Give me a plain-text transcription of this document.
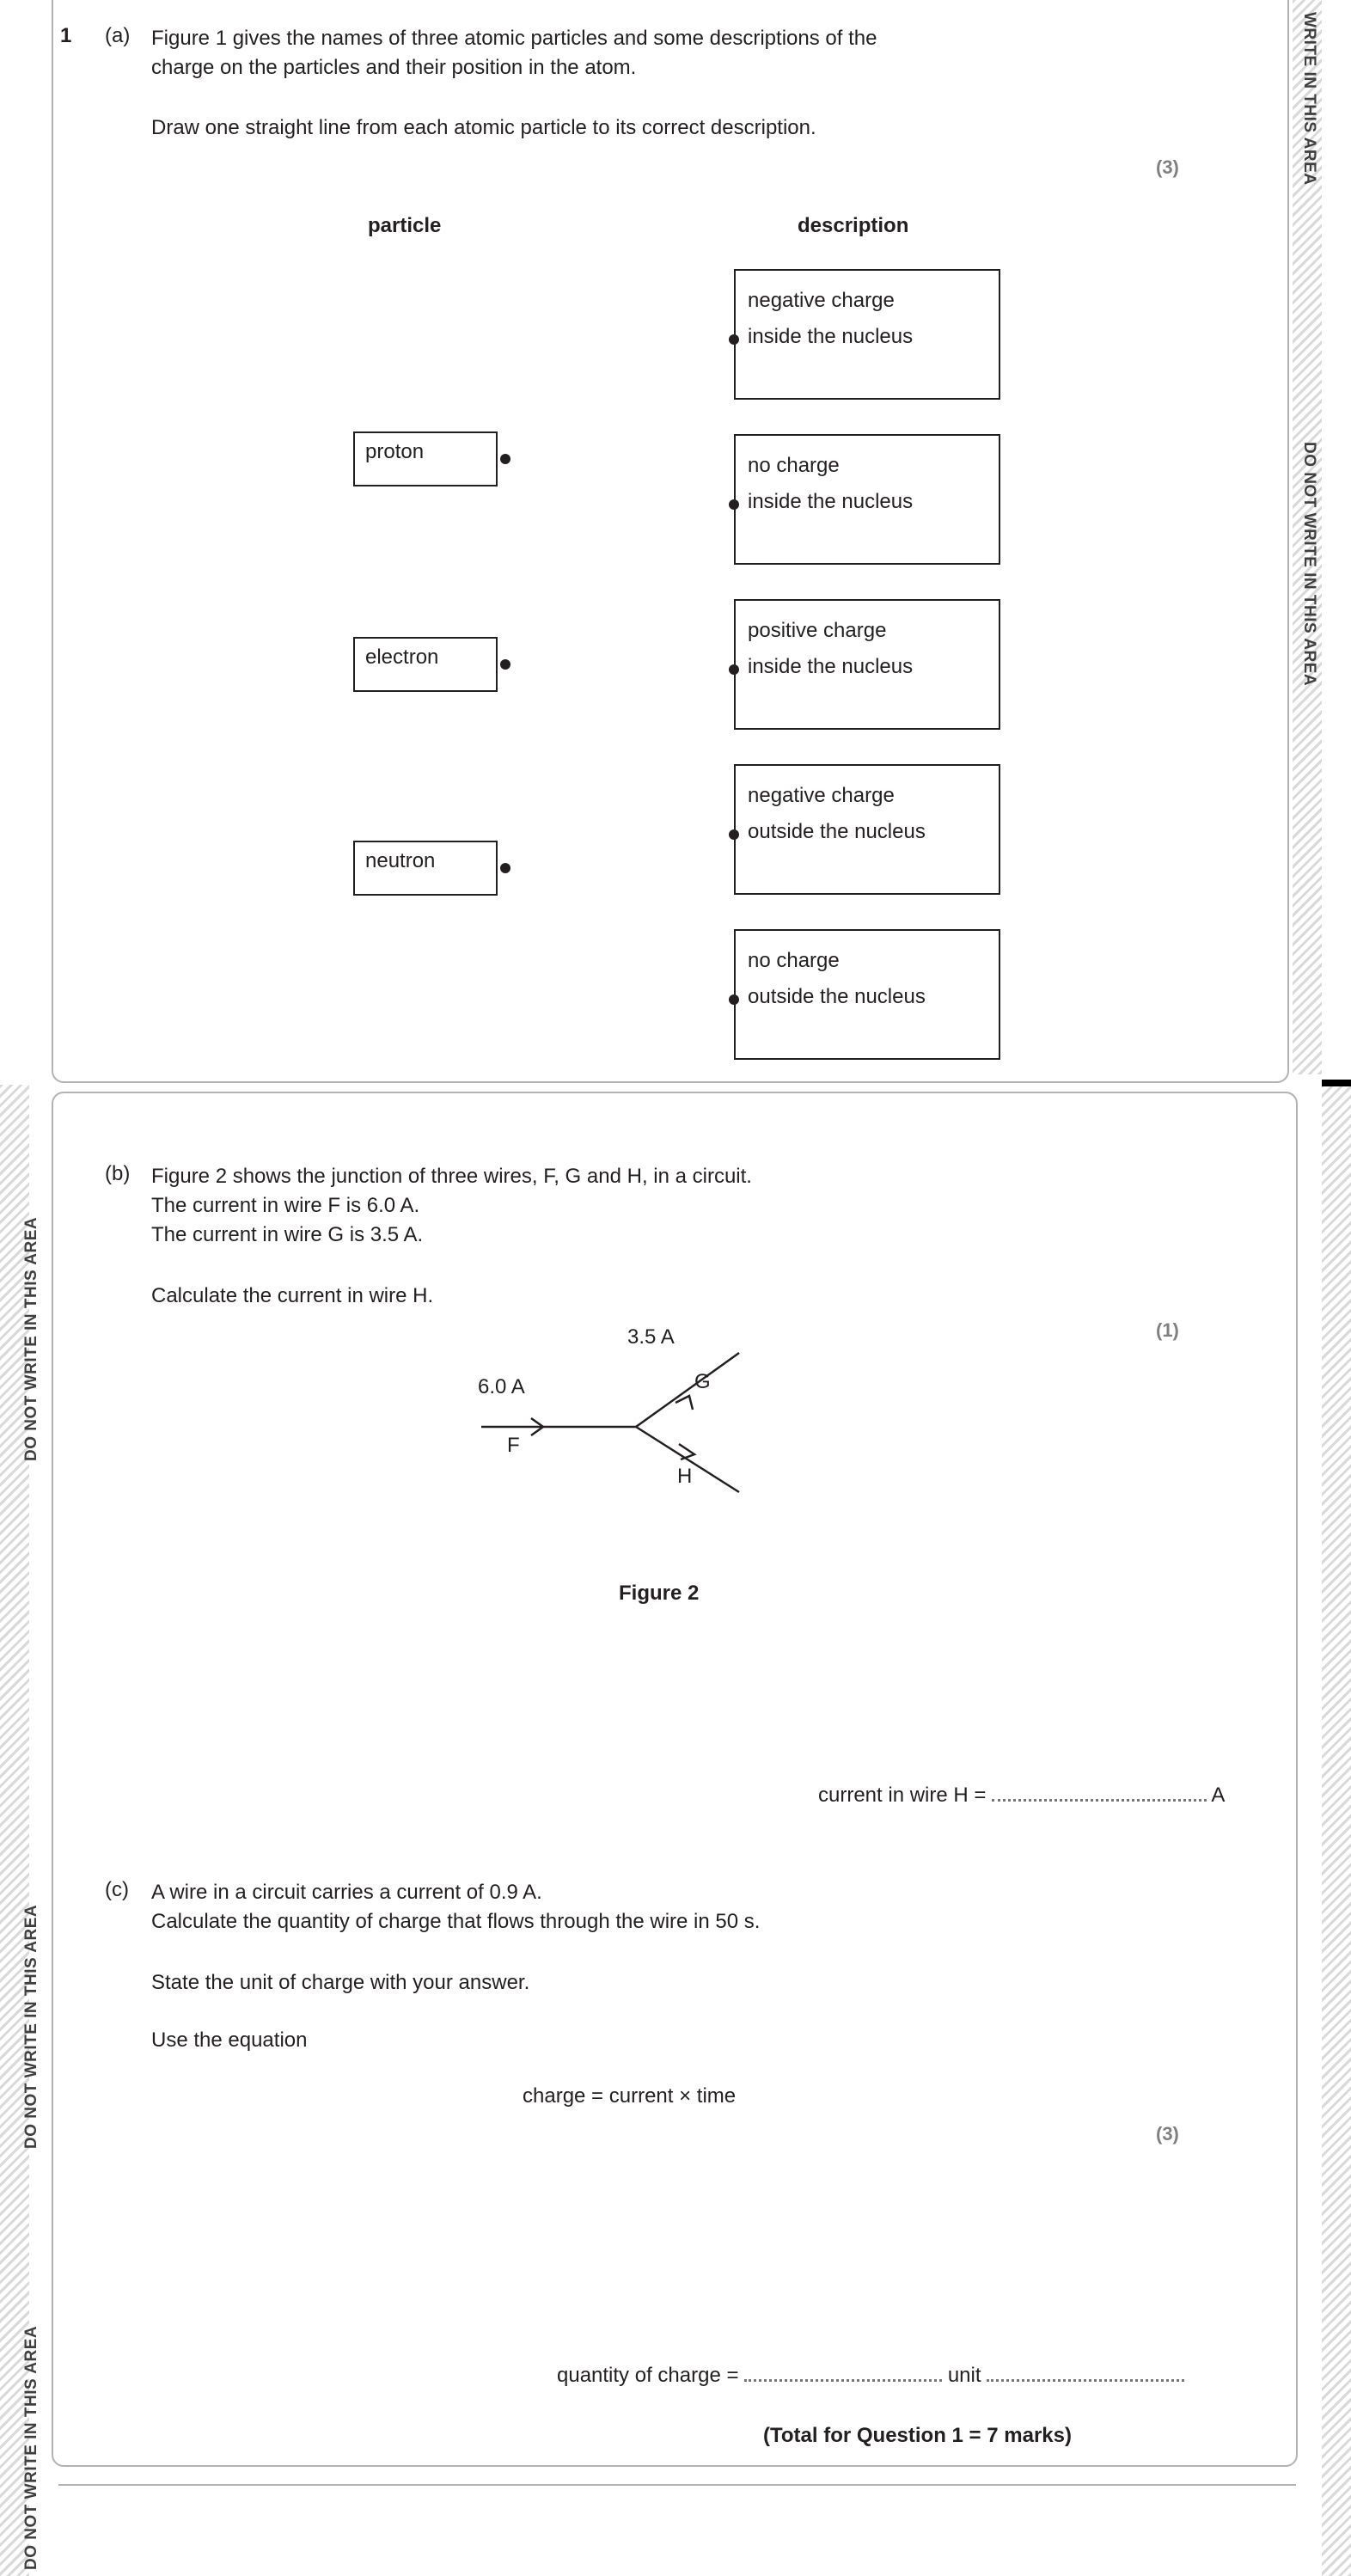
1 (a) Figure 1 gives the names of three atomic particles and some descriptions of the
charge on the particles and their position in the atom.
Draw one straight line from each atomic particle to its correct description.
(3)
particle	description
proton
electron
neutron
negative charge
inside the nucleus
no charge
inside the nucleus
positive charge
inside the nucleus
negative charge
outside the nucleus
no charge
outside the nucleus
WRITE IN THIS AREA
DO NOT WRITE IN THIS AREA
DO NOT WRITE IN THIS AREA
DO NOT WRITE IN THIS AREA
DO NOT WRITE IN THIS AREA
(b) Figure 2 shows the junction of three wires, F, G and H, in a circuit.
The current in wire F is 6.0 A.
The current in wire G is 3.5 A.
Calculate the current in wire H.
(1)
6.0 A
F
3.5 A
G
H
Figure 2
current in wire H =	A
(c) A wire in a circuit carries a current of 0.9 A.
Calculate the quantity of charge that flows through the wire in 50 s.
State the unit of charge with your answer.
Use the equation
charge = current × time
(3)
quantity of charge =	unit
(Total for Question 1 = 7 marks)
